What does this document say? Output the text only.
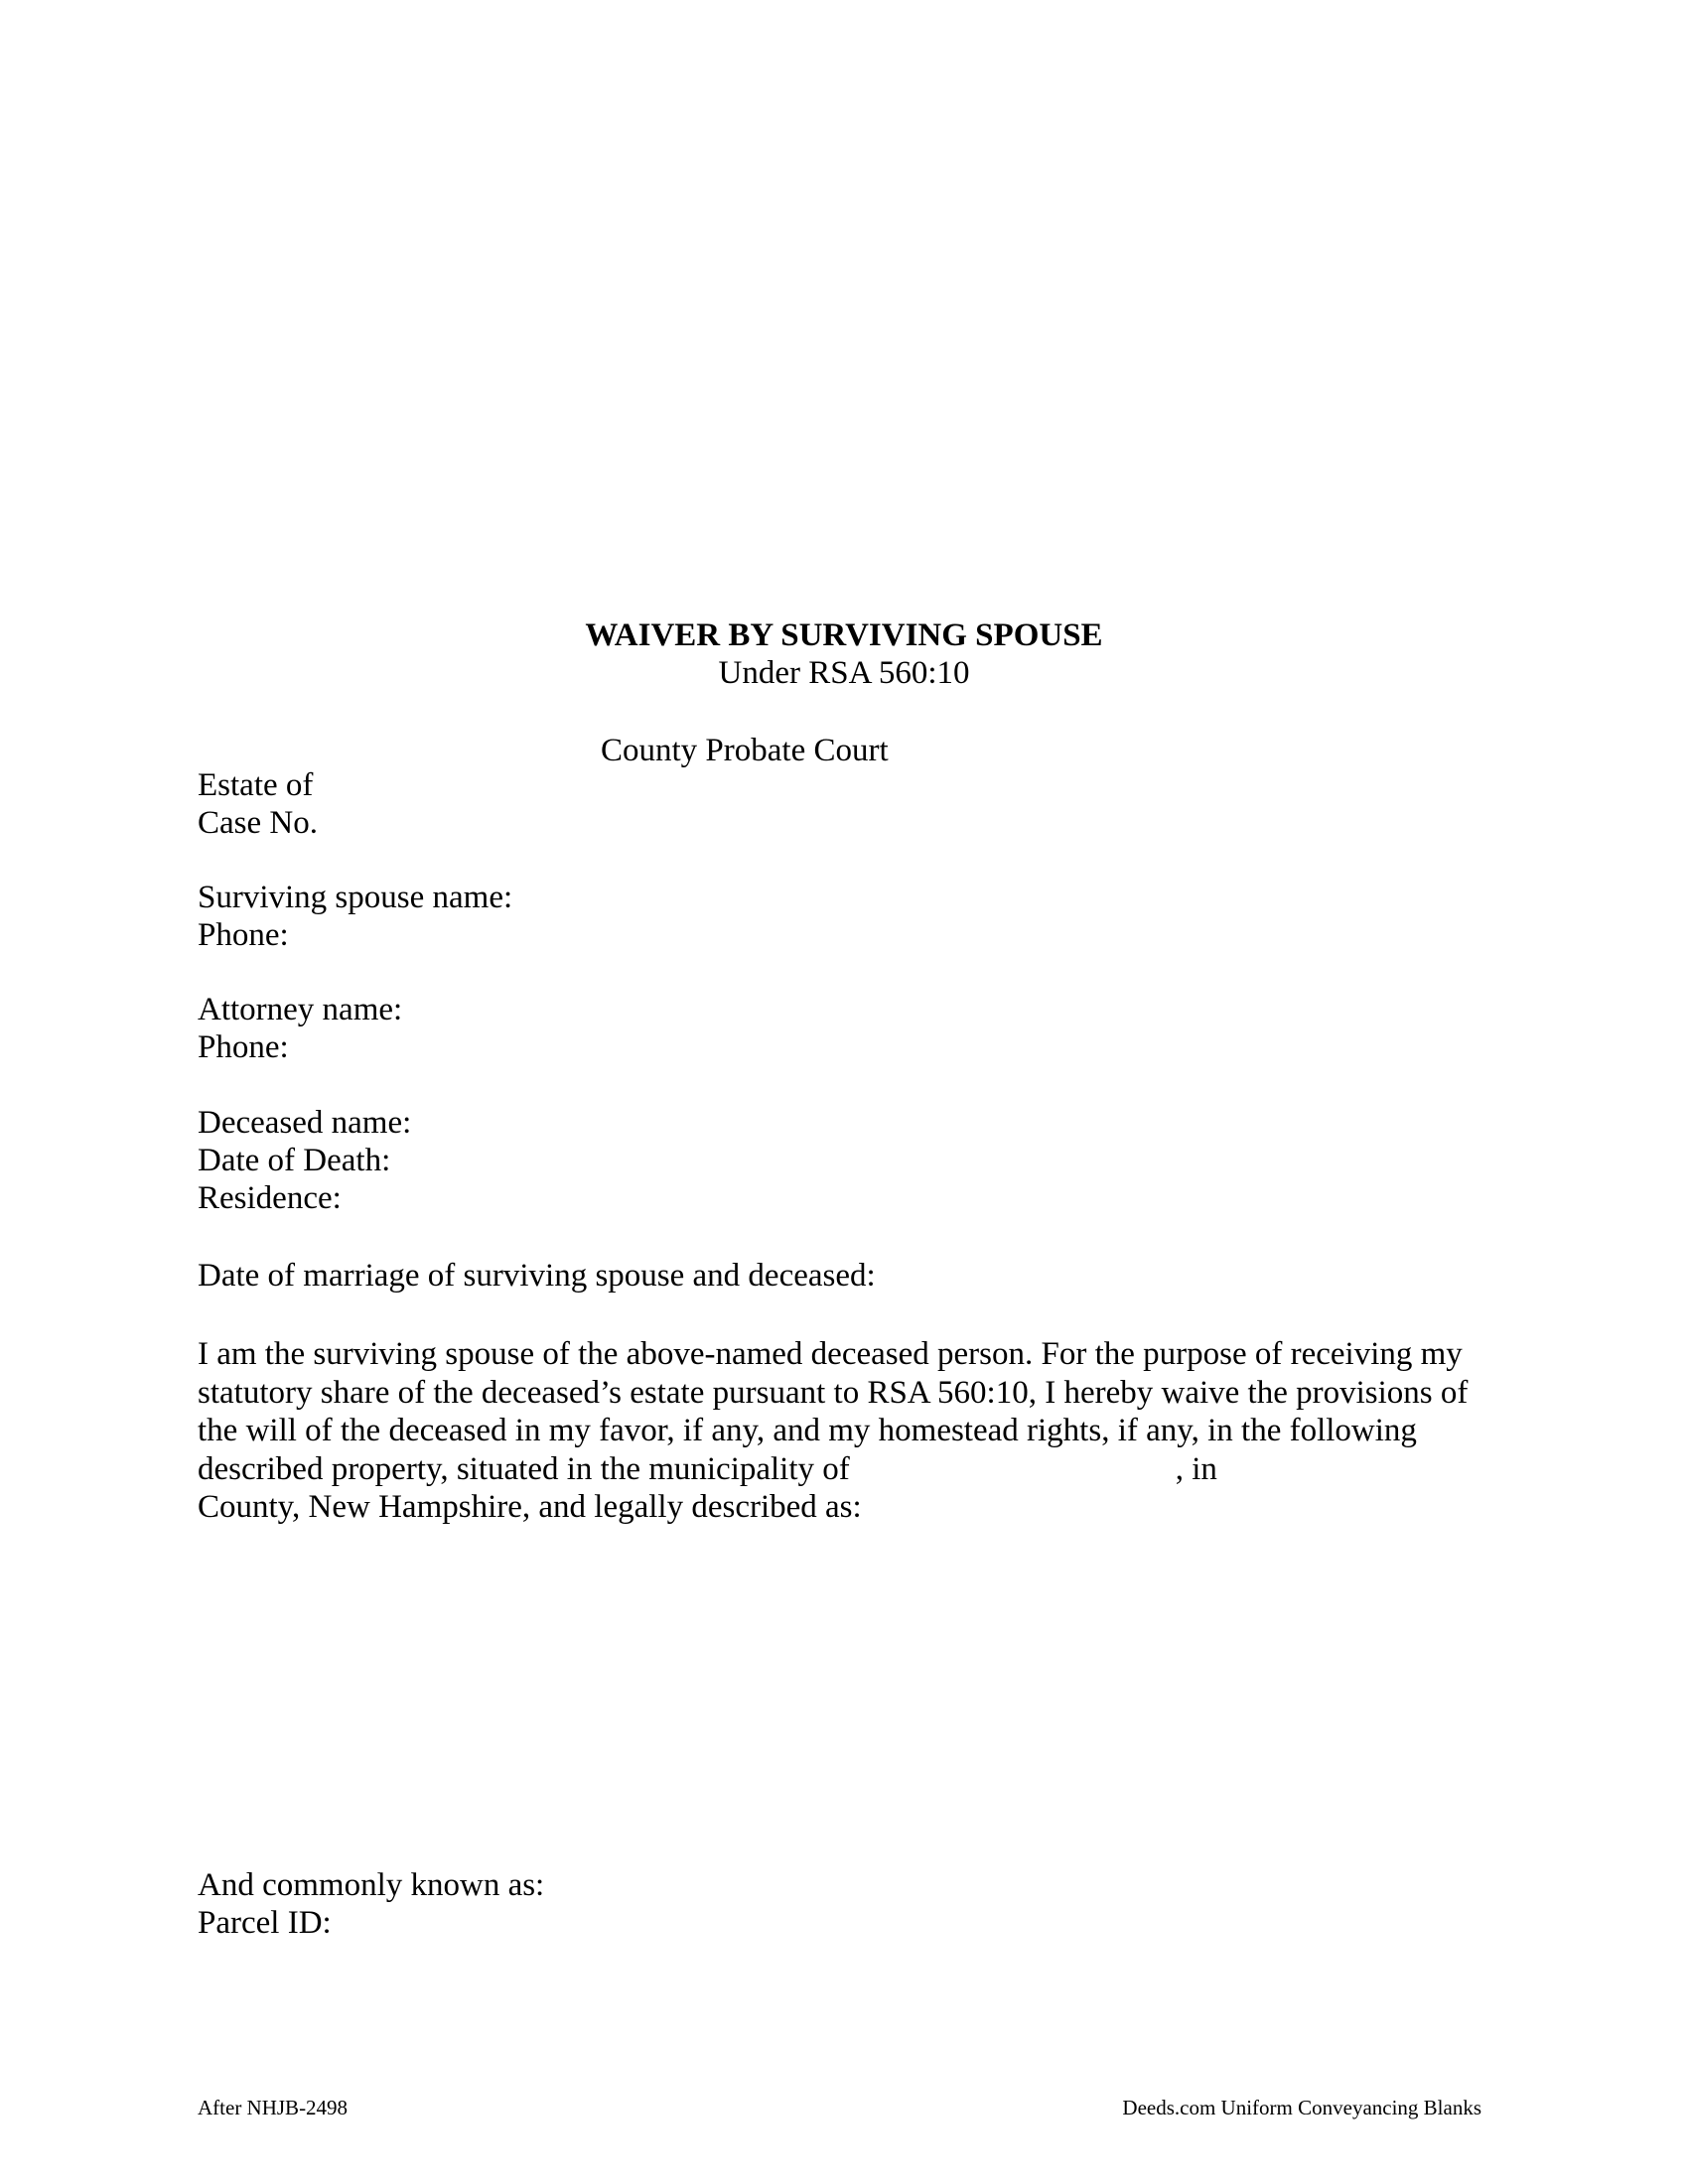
WAIVER BY SURVIVING SPOUSE
Under RSA 560:10
County Probate Court
Estate of
Case No.
Surviving spouse name:
Phone:
Attorney name:
Phone:
Deceased name:
Date of Death:
Residence:
Date of marriage of surviving spouse and deceased:
I am the surviving spouse of the above-named deceased person. For the purpose of receiving my
statutory share of the deceased’s estate pursuant to RSA 560:10, I hereby waive the provisions of
the will of the deceased in my favor, if any, and my homestead rights, if any, in the following
described property, situated in the municipality of	, in
County, New Hampshire, and legally described as:
And commonly known as:
Parcel ID:
After NHJB-2498	Deeds.com Uniform Conveyancing Blanks
